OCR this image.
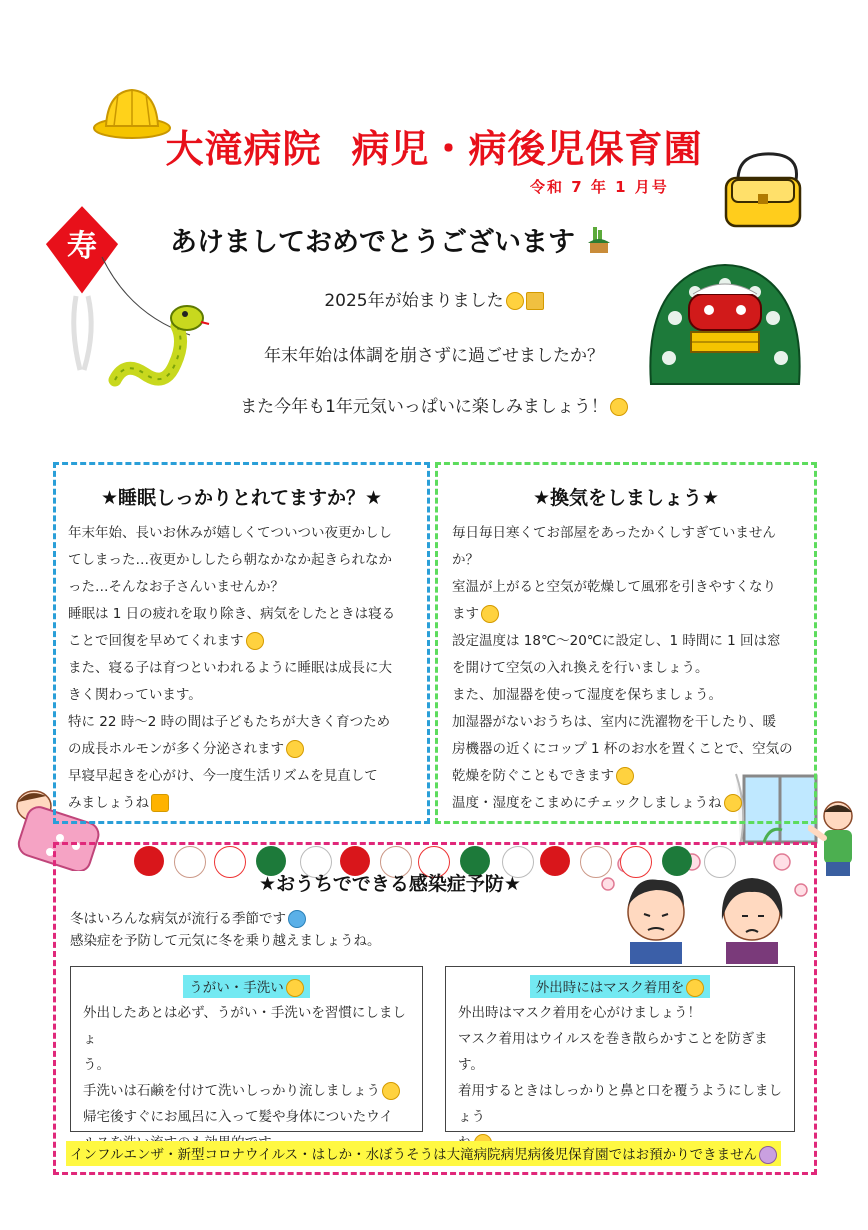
寿
大滝病院 病児・病後児保育園
令和 7 年 1 月号
あけましておめでとうございます
2025年が始まりました
年末年始は体調を崩さずに過ごせましたか？
また今年も1年元気いっぱいに楽しみましょう！
★睡眠しっかりとれてますか？★

年末年始、長いお休みが嬉しくてついつい夜更かしし

てしまった…夜更かししたら朝なかなか起きられなか

った…そんなお子さんいませんか？

睡眠は 1 日の疲れを取り除き、病気をしたときは寝る

ことで回復を早めてくれます

また、寝る子は育つといわれるように睡眠は成長に大

きく関わっています。

特に 22 時〜2 時の間は子どもたちが大きく育つため

の成長ホルモンが多く分泌されます

早寝早起きを心がけ、今一度生活リズムを見直して

みましょうね

★換気をしましょう★

毎日毎日寒くてお部屋をあったかくしすぎていません

か？

室温が上がると空気が乾燥して風邪を引きやすくなり

ます

設定温度は 18℃〜20℃に設定し、1 時間に 1 回は窓

を開けて空気の入れ換えを行いましょう。

また、加湿器を使って湿度を保ちましょう。

加湿器がないおうちは、室内に洗濯物を干したり、暖

房機器の近くにコップ 1 杯のお水を置くことで、空気の

乾燥を防ぐこともできます

温度・湿度をこまめにチェックしましょうね

★おうちでできる感染症予防★

冬はいろんな病気が流行る季節です

感染症を予防して元気に冬を乗り越えましょうね。

うがい・手洗い

外出したあとは必ず、うがい・手洗いを習慣にしましょ

う。

手洗いは石鹸を付けて洗いしっかり流しましょう

帰宅後すぐにお風呂に入って髪や身体についたウイ

外出時にはマスク着用を

外出時はマスク着用を心がけましょう！

マスク着用はウイルスを巻き散らかすことを防ぎま

す。

着用するときはしっかりと鼻と口を覆うようにしましょう

インフルエンザ・新型コロナウイルス・はしか・水ぼうそうは大滝病院病児病後児保育園ではお預かりできません
